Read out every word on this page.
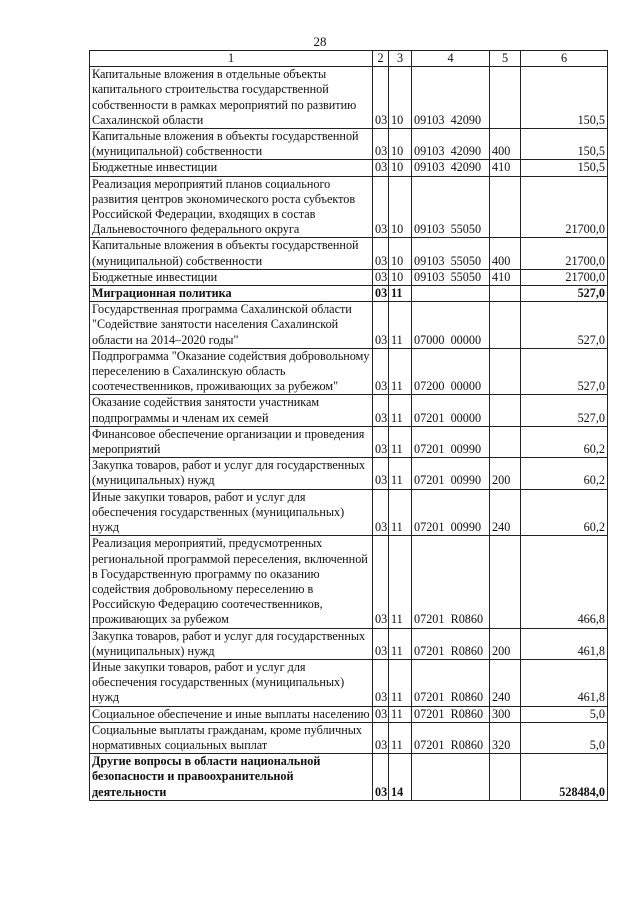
28
1	2	3	4	5	6
Капитальные вложения в отдельные объекты капитального строительства государственной собственности в рамках мероприятий по развитию Сахалинской области	03	10	09103  42090		150,5
Капитальные вложения в объекты государственной (муниципальной) собственности	03	10	09103  42090	400	150,5
Бюджетные инвестиции	03	10	09103  42090	410	150,5
Реализация мероприятий планов социального развития центров экономического роста субъектов Российской Федерации, входящих в состав Дальневосточного федерального округа	03	10	09103  55050		21700,0
Капитальные вложения в объекты государственной (муниципальной) собственности	03	10	09103  55050	400	21700,0
Бюджетные инвестиции	03	10	09103  55050	410	21700,0
Миграционная политика	03	11			527,0
Государственная программа Сахалинской области "Содействие занятости населения Сахалинской области на 2014–2020 годы"	03	11	07000  00000		527,0
Подпрограмма "Оказание содействия добровольному переселению в Сахалинскую область соотечественников, проживающих за рубежом"	03	11	07200  00000		527,0
Оказание содействия занятости участникам подпрограммы и членам их семей	03	11	07201  00000		527,0
Финансовое обеспечение организации и проведения мероприятий	03	11	07201  00990		60,2
Закупка товаров, работ и услуг для государственных (муниципальных) нужд	03	11	07201  00990	200	60,2
Иные закупки товаров, работ и услуг для обеспечения государственных (муниципальных) нужд	03	11	07201  00990	240	60,2
Реализация мероприятий, предусмотренных региональной программой переселения, включенной в Государственную программу по оказанию содействия добровольному переселению в Российскую Федерацию соотечественников, проживающих за рубежом	03	11	07201  R0860		466,8
Закупка товаров, работ и услуг для государственных (муниципальных) нужд	03	11	07201  R0860	200	461,8
Иные закупки товаров, работ и услуг для обеспечения государственных (муниципальных) нужд	03	11	07201  R0860	240	461,8
Социальное обеспечение и иные выплаты населению	03	11	07201  R0860	300	5,0
Социальные выплаты гражданам, кроме публичных нормативных социальных выплат	03	11	07201  R0860	320	5,0
Другие вопросы в области национальной безопасности и правоохранительной деятельности	03	14			528484,0
